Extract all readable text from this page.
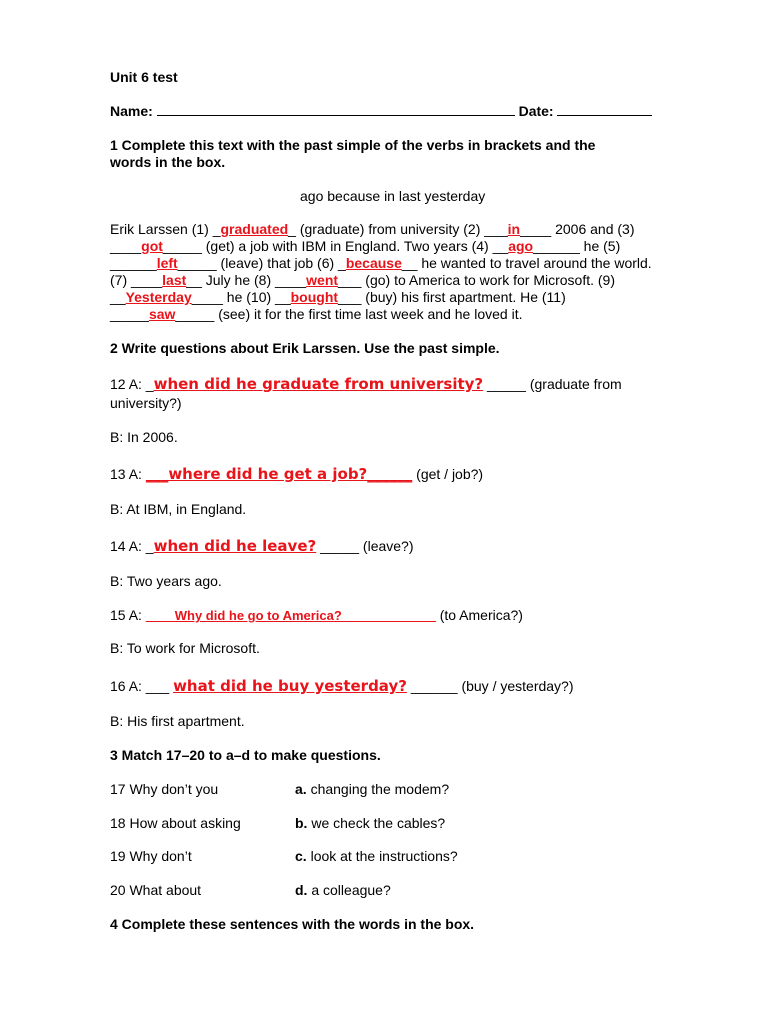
Unit 6 test
Name:	Date:
1 Complete this text with the past simple of the verbs in brackets and the
words in the box.
ago because in last yesterday
Erik Larssen (1) _graduated_ (graduate) from university (2) ___in____ 2006 and (3)
____got_____ (get) a job with IBM in England. Two years (4) __ago______ he (5)
______left_____ (leave) that job (6) _because__ he wanted to travel around the world.
(7) ____last__ July he (8) ____went___ (go) to America to work for Microsoft. (9)
__Yesterday____ he (10) __bought___ (buy) his first apartment. He (11)
_____saw_____ (see) it for the first time last week and he loved it.
2 Write questions about Erik Larssen. Use the past simple.
12 A: _when did he graduate from university? _____ (graduate from
university?)
B: In 2006.
13 A: ___where did he get a job?______ (get / job?)
B: At IBM, in England.
14 A: _when did he leave? _____ (leave?)
B: Two years ago.
15 A: ____Why did he go to America?_____________ (to America?)
B: To work for Microsoft.
16 A: ___ what did he buy yesterday? ______ (buy / yesterday?)
B: His first apartment.
3 Match 17–20 to a–d to make questions.
17 Why don’t you	a. changing the modem?
18 How about asking	b. we check the cables?
19 Why don’t	c. look at the instructions?
20 What about	d. a colleague?
4 Complete these sentences with the words in the box.
